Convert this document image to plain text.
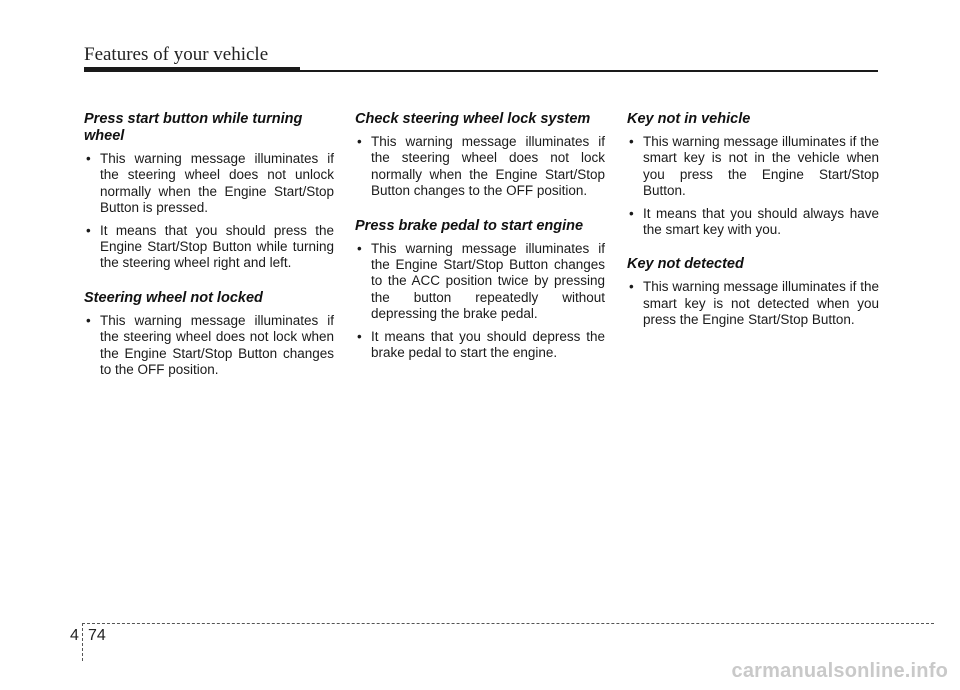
Features of your vehicle
Press start button while turning wheel
• This warning message illuminates if the steering wheel does not unlock normally when the Engine Start/Stop Button is pressed.
• It means that you should press the Engine Start/Stop Button while turning the steering wheel right and left.
Steering wheel not locked
• This warning message illuminates if the steering wheel does not lock when the Engine Start/Stop Button changes to the OFF position.
Check steering wheel lock system
• This warning message illuminates if the steering wheel does not lock normally when the Engine Start/Stop Button changes to the OFF position.
Press brake pedal to start engine
• This warning message illuminates if the Engine Start/Stop Button changes to the ACC position twice by pressing the button repeatedly without depressing the brake pedal.
• It means that you should depress the brake pedal to start the engine.
Key not in vehicle
• This warning message illuminates if the smart key is not in the vehicle when you press the Engine Start/Stop Button.
• It means that you should always have the smart key with you.
Key not detected
• This warning message illuminates if the smart key is not detected when you press the Engine Start/Stop Button.
4 74
carmanualsonline.info
